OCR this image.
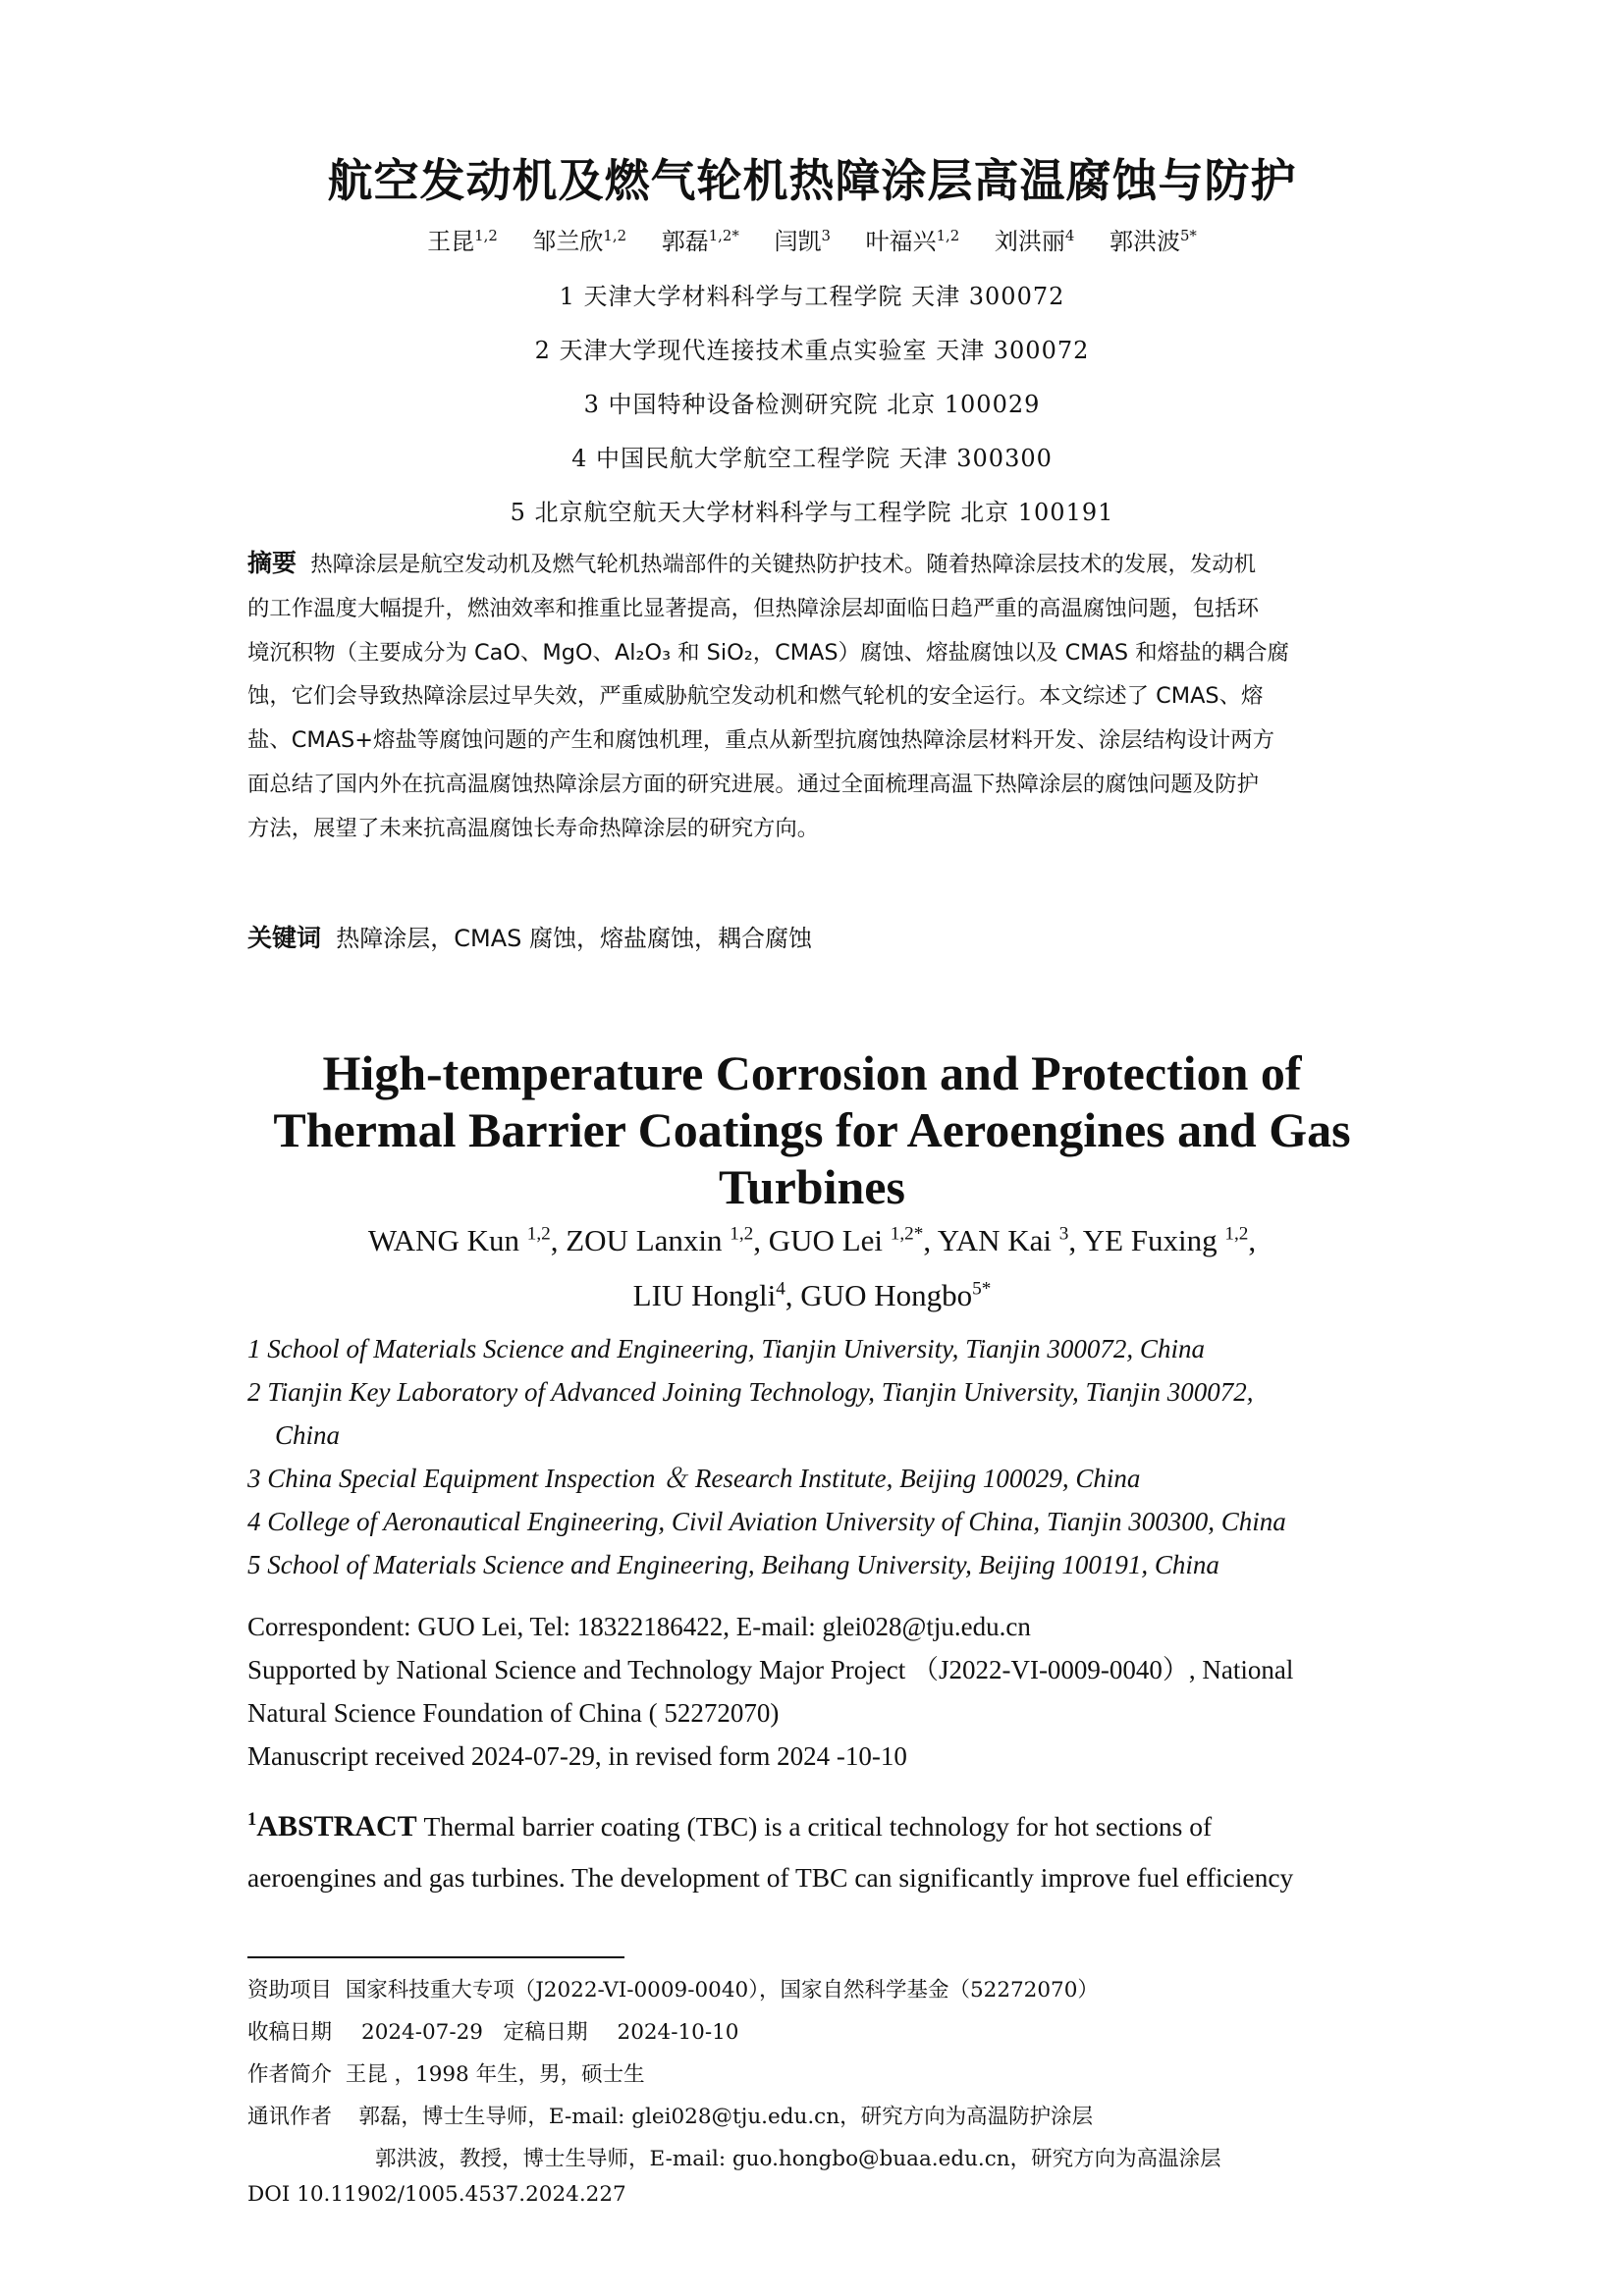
航空发动机及燃气轮机热障涂层高温腐蚀与防护
王昆$^{1,2}$ 邹兰欣$^{1,2}$ 郭磊$^{1,2*}$ 闫凯$^3$ 叶福兴$^{1,2}$ 刘洪丽$^4$ 郭洪波$^{5*}$
1 天津大学材料科学与工程学院 天津 300072
2 天津大学现代连接技术重点实验室 天津 300072
3 中国特种设备检测研究院 北京 100029
4 中国民航大学航空工程学院 天津 300300
5 北京航空航天大学材料科学与工程学院 北京 100191
摘要 热障涂层是航空发动机及燃气轮机热端部件的关键热防护技术。随着热障涂层技术的发展，发动机
的工作温度大幅提升，燃油效率和推重比显著提高，但热障涂层却面临日趋严重的高温腐蚀问题，包括环
境沉积物（主要成分为 CaO、MgO、Al₂O₃ 和 SiO₂，CMAS）腐蚀、熔盐腐蚀以及 CMAS 和熔盐的耦合腐
蚀，它们会导致热障涂层过早失效，严重威胁航空发动机和燃气轮机的安全运行。本文综述了 CMAS、熔
盐、CMAS+熔盐等腐蚀问题的产生和腐蚀机理，重点从新型抗腐蚀热障涂层材料开发、涂层结构设计两方
面总结了国内外在抗高温腐蚀热障涂层方面的研究进展。通过全面梳理高温下热障涂层的腐蚀问题及防护
方法，展望了未来抗高温腐蚀长寿命热障涂层的研究方向。
关键词 热障涂层，CMAS 腐蚀，熔盐腐蚀，耦合腐蚀
High-temperature Corrosion and Protection of
Thermal Barrier Coatings for Aeroengines and Gas
Turbines
WANG Kun $^{1,2}$, ZOU Lanxin $^{1,2}$, GUO Lei $^{1,2*}$, YAN Kai $^3$, YE Fuxing $^{1,2}$,
LIU Hongli$^4$, GUO Hongbo$^{5*}$
1 School of Materials Science and Engineering, Tianjin University, Tianjin 300072, China
2 Tianjin Key Laboratory of Advanced Joining Technology, Tianjin University, Tianjin 300072,
China
3 China Special Equipment Inspection ＆ Research Institute, Beijing 100029, China
4 College of Aeronautical Engineering, Civil Aviation University of China, Tianjin 300300, China
5 School of Materials Science and Engineering, Beihang University, Beijing 100191, China
Correspondent: GUO Lei, Tel: 18322186422, E-mail: glei028@tju.edu.cn
Supported by National Science and Technology Major Project （J2022-VI-0009-0040）, National
Natural Science Foundation of China ( 52272070)
Manuscript received 2024-07-29, in revised form 2024 -10-10
$^1$ABSTRACT Thermal barrier coating (TBC) is a critical technology for hot sections of
aeroengines and gas turbines. The development of TBC can significantly improve fuel efficiency
资助项目 国家科技重大专项（J2022-VI-0009-0040），国家自然科学基金（52272070）
收稿日期 2024-07-29 定稿日期 2024-10-10
作者简介 王昆 ，1998 年生，男，硕士生
通讯作者 郭磊，博士生导师，E-mail: glei028@tju.edu.cn，研究方向为高温防护涂层
郭洪波，教授，博士生导师，E-mail: guo.hongbo@buaa.edu.cn，研究方向为高温涂层
DOI 10.11902/1005.4537.2024.227
